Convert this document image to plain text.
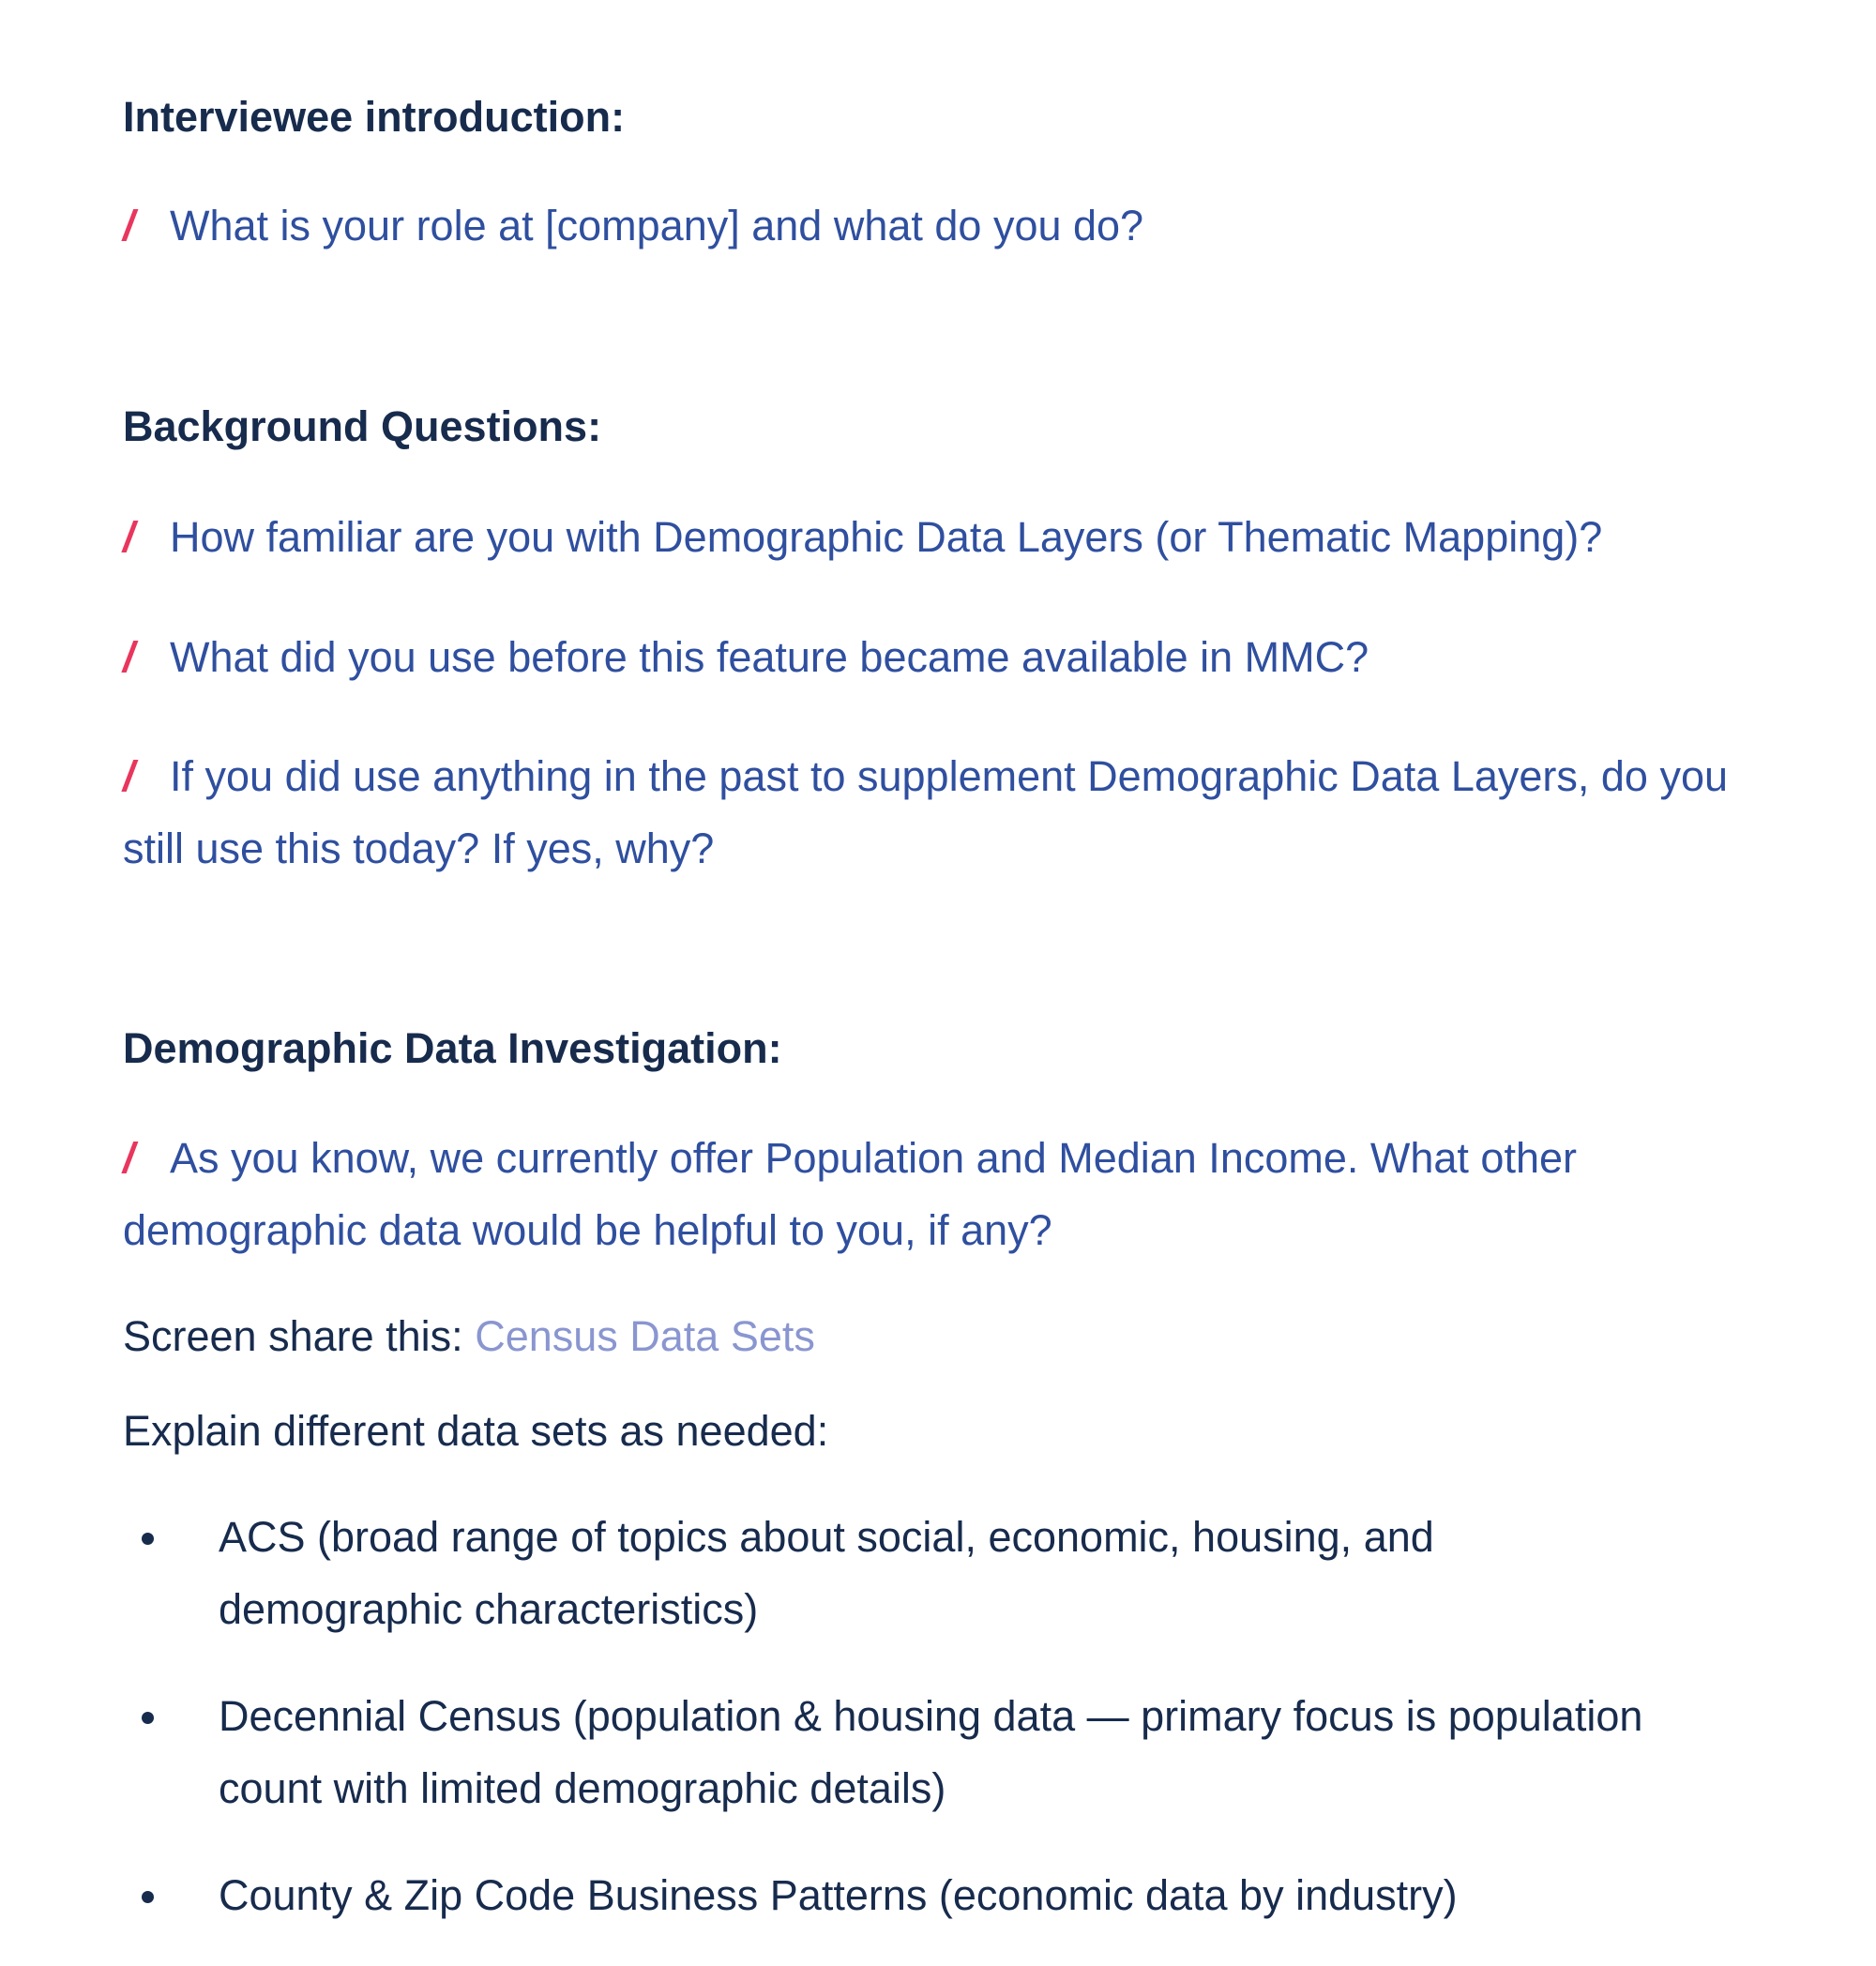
Interviewee introduction:
/ What is your role at [company] and what do you do?
Background Questions:
/ How familiar are you with Demographic Data Layers (or Thematic Mapping)?
/ What did you use before this feature became available in MMC?
/ If you did use anything in the past to supplement Demographic Data Layers, do you still use this today? If yes, why?
Demographic Data Investigation:
/ As you know, we currently offer Population and Median Income. What other demographic data would be helpful to you, if any?
Screen share this: Census Data Sets
Explain different data sets as needed:
ACS (broad range of topics about social, economic, housing, and demographic characteristics)
Decennial Census (population & housing data — primary focus is population count with limited demographic details)
County & Zip Code Business Patterns (economic data by industry)
